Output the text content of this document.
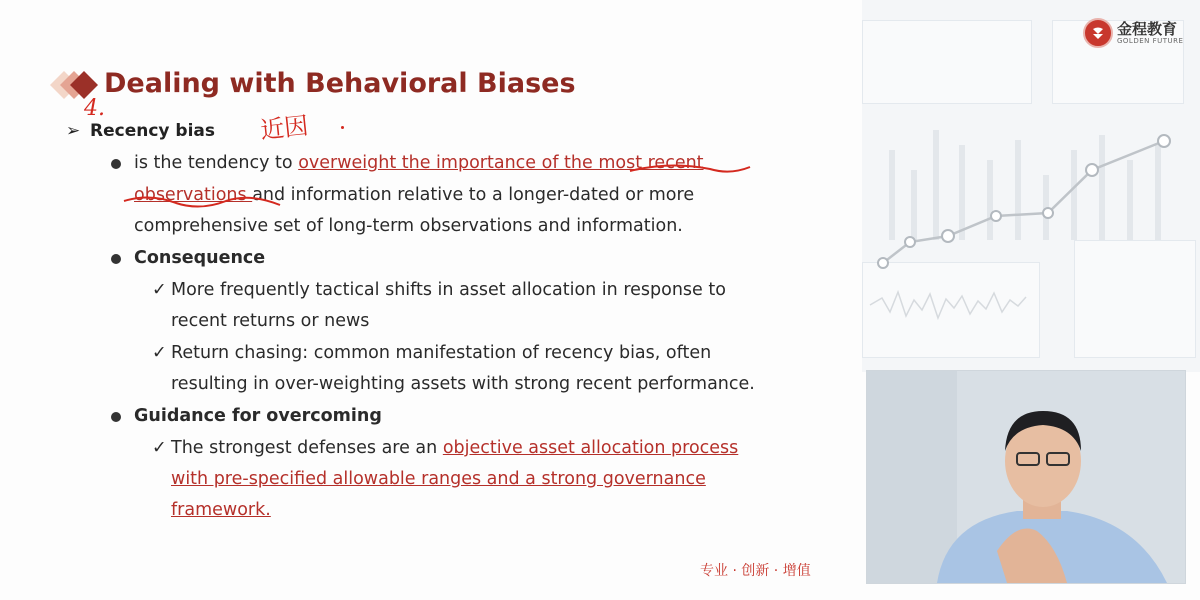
金程教育
GOLDEN FUTURE
Dealing with Behavioral Biases
➢ Recency bias
is the tendency to overweight the importance of the most recent
observations and information relative to a longer-dated or more
comprehensive set of long-term observations and information.
Consequence
✓ More frequently tactical shifts in asset allocation in response to
recent returns or news
✓ Return chasing: common manifestation of recency bias, often
resulting in over-weighting assets with strong recent performance.
Guidance for overcoming
✓ The strongest defenses are an objective asset allocation process
with pre-specified allowable ranges and a strong governance
framework.
专业 · 创新 · 增值
4.
近因
